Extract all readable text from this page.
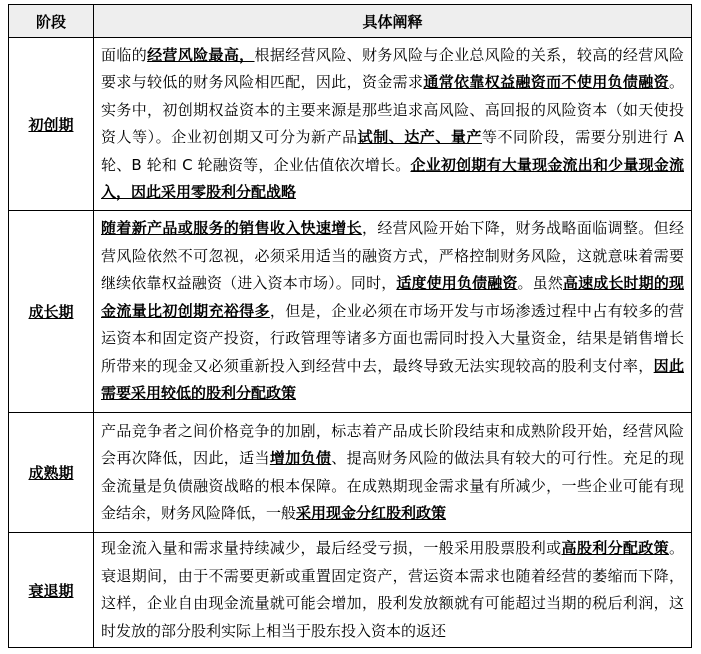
阶段	具体阐释
初创期	面临的经营风险最高，根据经营风险、财务风险与企业总风险的关系，较高的经营风险要求与较低的财务风险相匹配，因此，资金需求通常依靠权益融资而不使用负债融资。实务中，初创期权益资本的主要来源是那些追求高风险、高回报的风险资本（如天使投资人等）。企业初创期又可分为新产品试制、达产、量产等不同阶段，需要分别进行 A 轮、B 轮和 C 轮融资等，企业估值依次增长。企业初创期有大量现金流出和少量现金流入，因此采用零股利分配战略
成长期	随着新产品或服务的销售收入快速增长，经营风险开始下降，财务战略面临调整。但经营风险依然不可忽视，必须采用适当的融资方式，严格控制财务风险，这就意味着需要继续依靠权益融资（进入资本市场）。同时，适度使用负债融资。虽然高速成长时期的现金流量比初创期充裕得多，但是，企业必须在市场开发与市场渗透过程中占有较多的营运资本和固定资产投资，行政管理等诸多方面也需同时投入大量资金，结果是销售增长所带来的现金又必须重新投入到经营中去，最终导致无法实现较高的股利支付率，因此需要采用较低的股利分配政策
成熟期	产品竞争者之间价格竞争的加剧，标志着产品成长阶段结束和成熟阶段开始，经营风险会再次降低，因此，适当增加负债、提高财务风险的做法具有较大的可行性。充足的现金流量是负债融资战略的根本保障。在成熟期现金需求量有所减少，一些企业可能有现金结余，财务风险降低，一般采用现金分红股利政策
衰退期	现金流入量和需求量持续减少，最后经受亏损，一般采用股票股利或高股利分配政策。衰退期间，由于不需要更新或重置固定资产，营运资本需求也随着经营的萎缩而下降，这样，企业自由现金流量就可能会增加，股利发放额就有可能超过当期的税后利润，这时发放的部分股利实际上相当于股东投入资本的返还
